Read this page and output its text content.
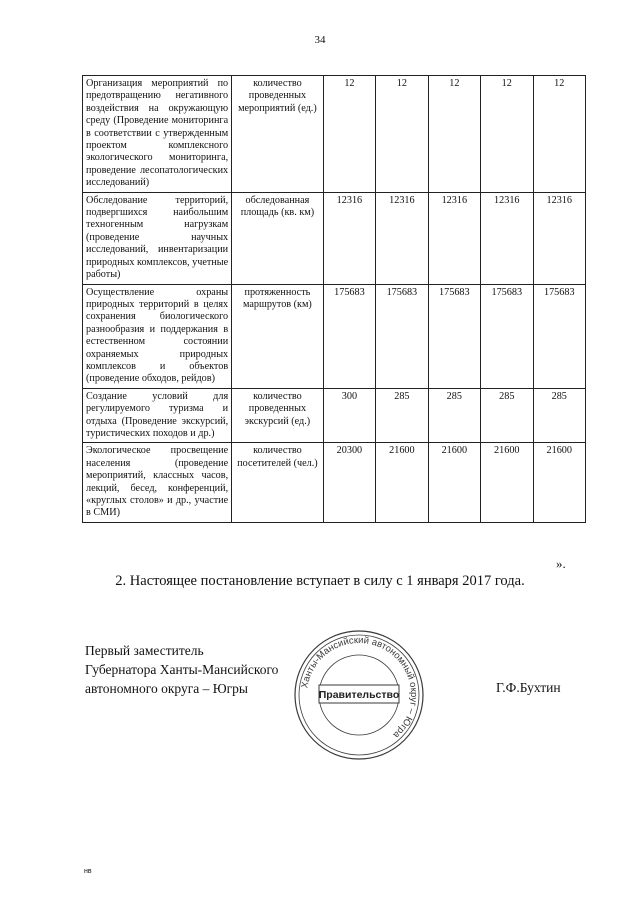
34
Организация мероприятий по предотвращению негативного воздействия на окружающую среду (Проведение мониторинга в соответствии с утвержденным проектом комплексного экологического мониторинга, проведение лесопатологических исследований)	количество проведенных мероприятий (ед.)	12	12	12	12	12
Обследование территорий, подвергшихся наибольшим техногенным нагрузкам (проведение научных исследований, инвентаризации природных комплексов, учетные работы)	обследованная площадь (кв. км)	12316	12316	12316	12316	12316
Осуществление охраны природных территорий в целях сохранения биологического разнообразия и поддержания в естественном состоянии охраняемых природных комплексов и объектов (проведение обходов, рейдов)	протяженность маршрутов (км)	175683	175683	175683	175683	175683
Создание условий для регулируемого туризма и отдыха (Проведение экскурсий, туристических походов и др.)	количество проведенных экскурсий (ед.)	300	285	285	285	285
Экологическое просвещение населения (проведение мероприятий, классных часов, лекций, бесед, конференций, «круглых столов» и др., участие в СМИ)	количество посетителей (чел.)	20300	21600	21600	21600	21600
».
2. Настоящее постановление вступает в силу с 1 января 2017 года.
Первый заместитель
Губернатора Ханты-Мансийского
автономного округа – Югры	Ханты-Мансийский автономный округ – Югра
Правительство	Г.Ф.Бухтин
нв
